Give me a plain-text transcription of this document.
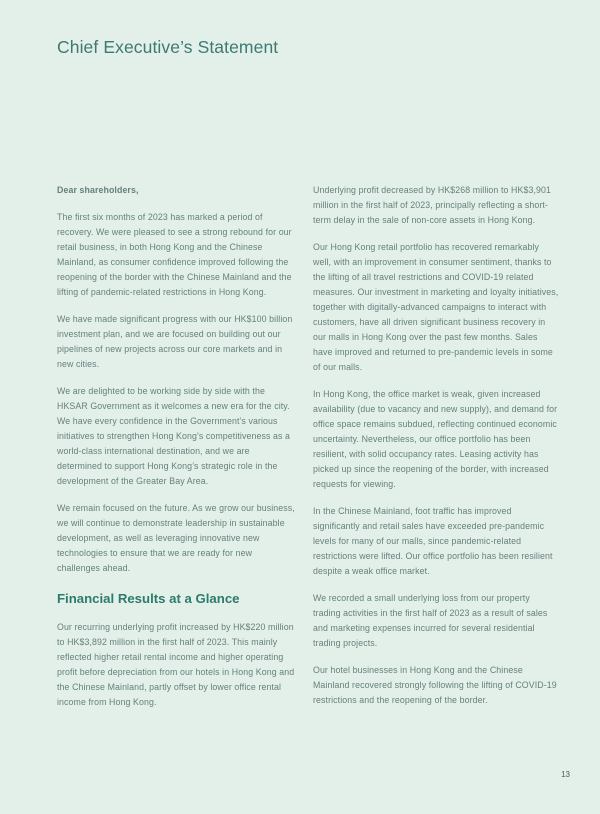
Chief Executive’s Statement

Dear shareholders,

The first six months of 2023 has marked a period of recovery. We were pleased to see a strong rebound for our retail business, in both Hong Kong and the Chinese Mainland, as consumer confidence improved following the reopening of the border with the Chinese Mainland and the lifting of pandemic-related restrictions in Hong Kong.

We have made significant progress with our HK$100 billion investment plan, and we are focused on building out our pipelines of new projects across our core markets and in new cities.

We are delighted to be working side by side with the HKSAR Government as it welcomes a new era for the city. We have every confidence in the Government’s various initiatives to strengthen Hong Kong’s competitiveness as a world-class international destination, and we are determined to support Hong Kong’s strategic role in the development of the Greater Bay Area.

We remain focused on the future. As we grow our business, we will continue to demonstrate leadership in sustainable development, as well as leveraging innovative new technologies to ensure that we are ready for new challenges ahead.

Financial Results at a Glance

Our recurring underlying profit increased by HK$220 million to HK$3,892 million in the first half of 2023. This mainly reflected higher retail rental income and higher operating profit before depreciation from our hotels in Hong Kong and the Chinese Mainland, partly offset by lower office rental income from Hong Kong.

Underlying profit decreased by HK$268 million to HK$3,901 million in the first half of 2023, principally reflecting a short-term delay in the sale of non-core assets in Hong Kong.

Our Hong Kong retail portfolio has recovered remarkably well, with an improvement in consumer sentiment, thanks to the lifting of all travel restrictions and COVID-19 related measures. Our investment in marketing and loyalty initiatives, together with digitally-advanced campaigns to interact with customers, have all driven significant business recovery in our malls in Hong Kong over the past few months. Sales have improved and returned to pre-pandemic levels in some of our malls.

In Hong Kong, the office market is weak, given increased availability (due to vacancy and new supply), and demand for office space remains subdued, reflecting continued economic uncertainty. Nevertheless, our office portfolio has been resilient, with solid occupancy rates. Leasing activity has picked up since the reopening of the border, with increased requests for viewing.

In the Chinese Mainland, foot traffic has improved significantly and retail sales have exceeded pre-pandemic levels for many of our malls, since pandemic-related restrictions were lifted. Our office portfolio has been resilient despite a weak office market.

We recorded a small underlying loss from our property trading activities in the first half of 2023 as a result of sales and marketing expenses incurred for several residential trading projects.

Our hotel businesses in Hong Kong and the Chinese Mainland recovered strongly following the lifting of COVID-19 restrictions and the reopening of the border.

13
